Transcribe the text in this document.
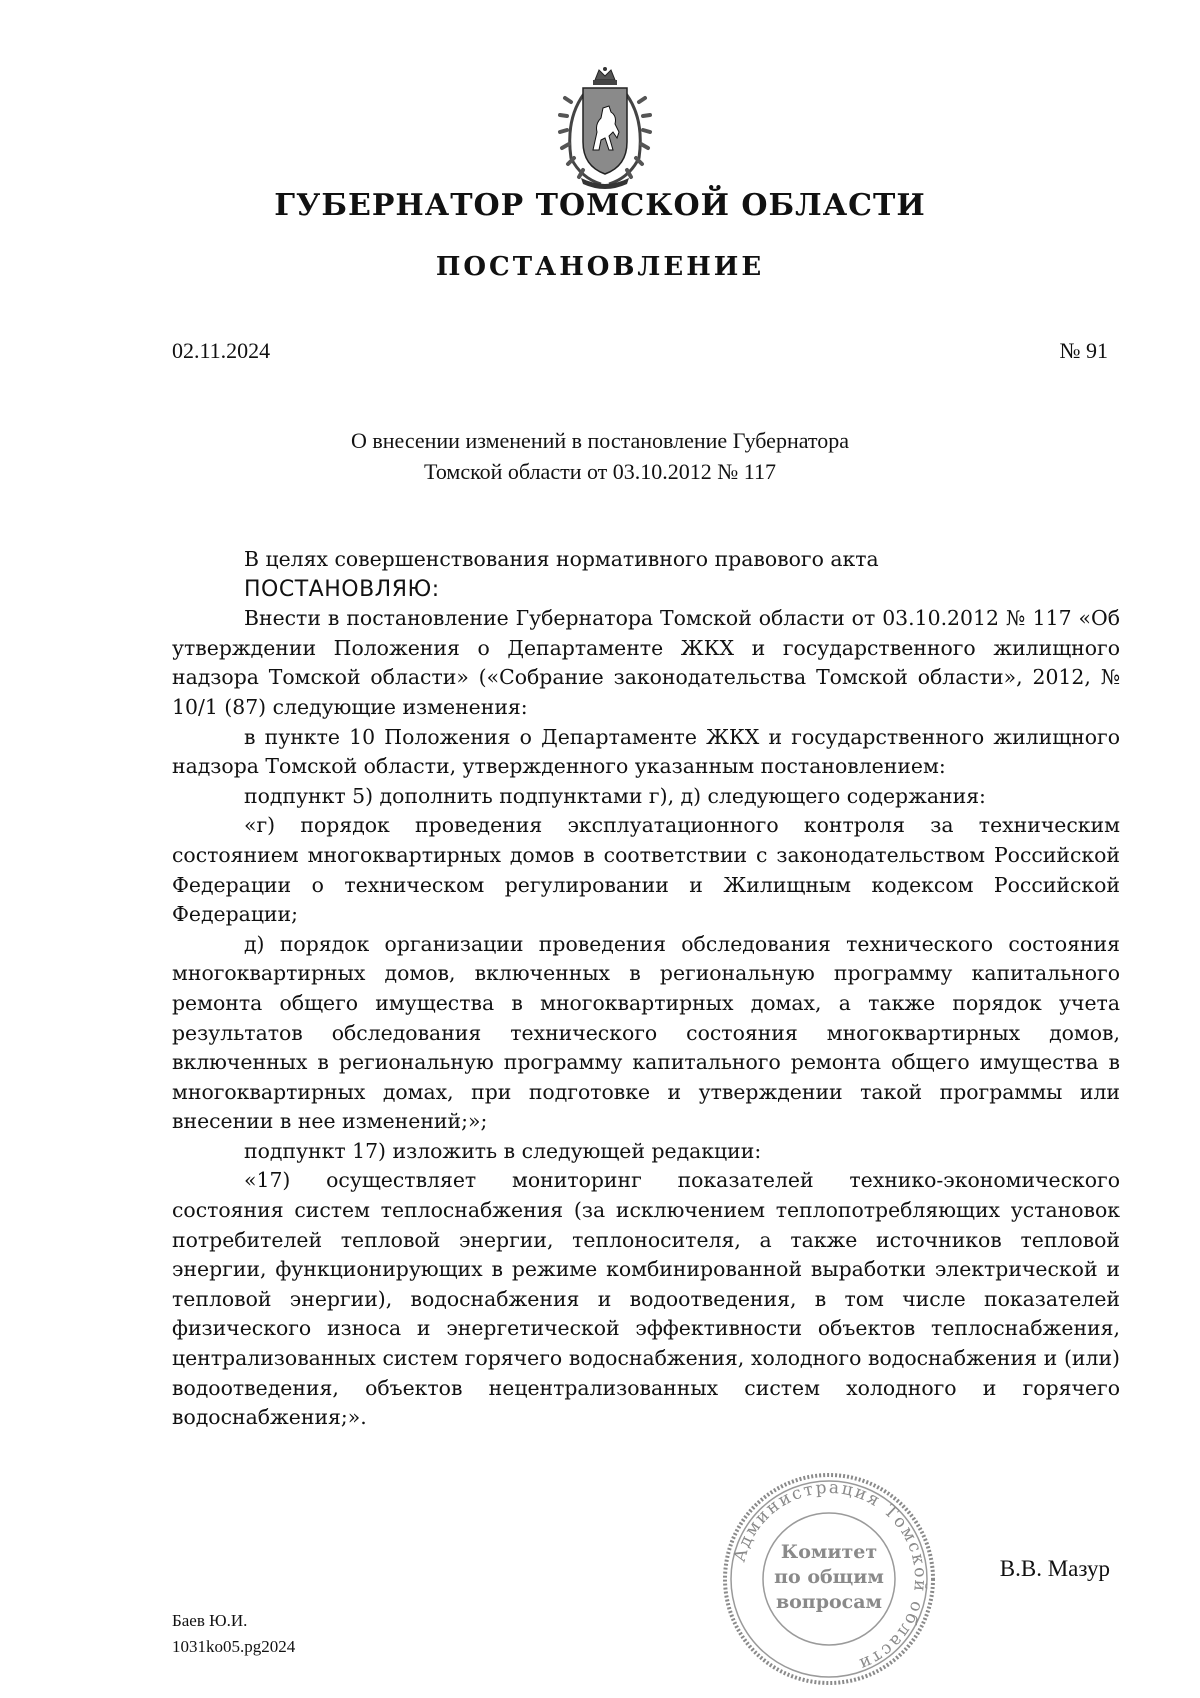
ГУБЕРНАТОР ТОМСКОЙ ОБЛАСТИ
ПОСТАНОВЛЕНИЕ
02.11.2024	№ 91
О внесении изменений в постановление Губернатора
Томской области от 03.10.2012 № 117

В целях совершенствования нормативного правового акта

ПОСТАНОВЛЯЮ:

Внести в постановление Губернатора Томской области от 03.10.2012 № 117 «Об утверждении Положения о Департаменте ЖКХ и государственного жилищного надзора Томской области» («Собрание законодательства Томской области», 2012, № 10/1 (87) следующие изменения:

в пункте 10 Положения о Департаменте ЖКХ и государственного жилищного надзора Томской области, утвержденного указанным постановлением:

подпункт 5) дополнить подпунктами г), д) следующего содержания:

«г) порядок проведения эксплуатационного контроля за техническим состоянием многоквартирных домов в соответствии с законодательством Российской Федерации о техническом регулировании и Жилищным кодексом Российской Федерации;

д) порядок организации проведения обследования технического состояния многоквартирных домов, включенных в региональную программу капитального ремонта общего имущества в многоквартирных домах, а также порядок учета результатов обследования технического состояния многоквартирных домов, включенных в региональную программу капитального ремонта общего имущества в многоквартирных домах, при подготовке и утверждении такой программы или внесении в нее изменений;»;

подпункт 17) изложить в следующей редакции:

«17) осуществляет мониторинг показателей технико-экономического состояния систем теплоснабжения (за исключением теплопотребляющих установок потребителей тепловой энергии, теплоносителя, а также источников тепловой энергии, функционирующих в режиме комбинированной выработки электрической и тепловой энергии), водоснабжения и водоотведения, в том числе показателей физического износа и энергетической эффективности объектов теплоснабжения, централизованных систем горячего водоснабжения, холодного водоснабжения и (или) водоотведения, объектов нецентрализованных систем холодного и горячего водоснабжения;».

Администрация Томской области
Комитет
по общим
вопросам
В.В. Мазур
Баев Ю.И.
1031ko05.pg2024
